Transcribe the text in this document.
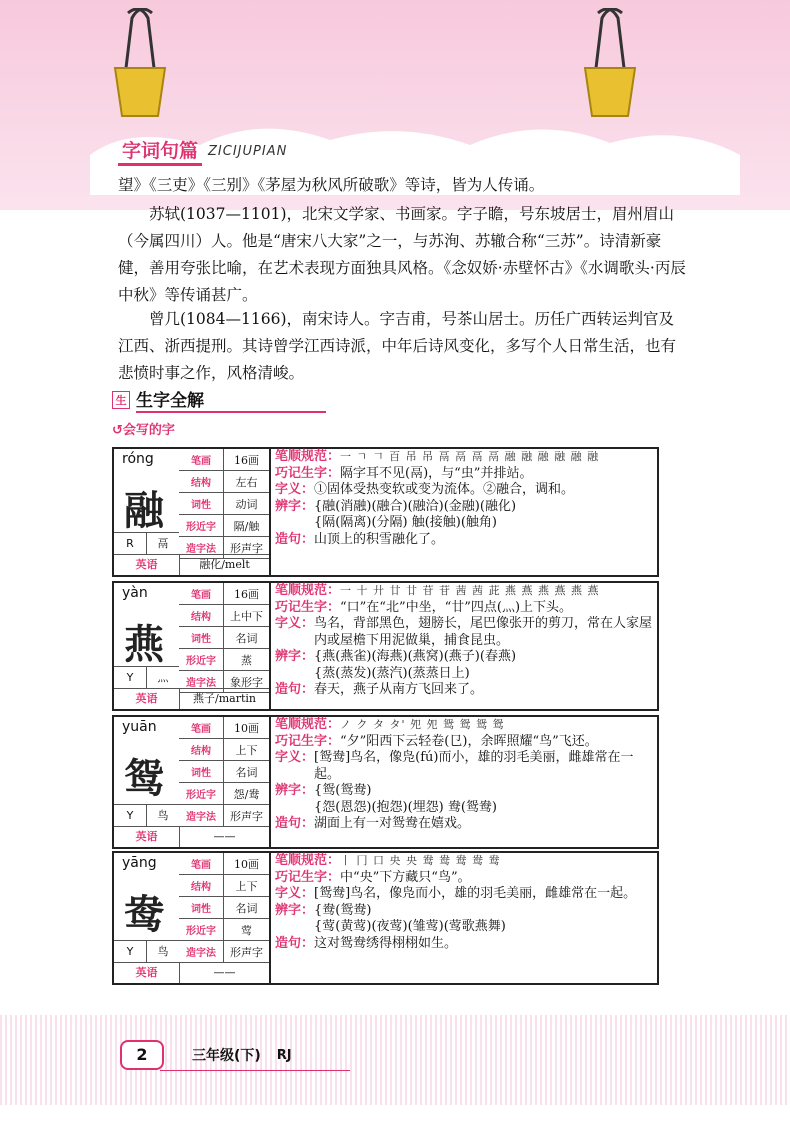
字词句篇 ZICIJUPIAN

望》《三吏》《三别》《茅屋为秋风所破歌》等诗，皆为人传诵。

苏轼(1037—1101)，北宋文学家、书画家。字子瞻，号东坡居士，眉州眉山（今属四川）人。他是“唐宋八大家”之一，与苏洵、苏辙合称“三苏”。诗清新豪健，善用夸张比喻，在艺术表现方面独具风格。《念奴娇·赤壁怀古》《水调歌头·丙辰中秋》等传诵甚广。

曾几(1084—1166)，南宋诗人。字吉甫，号茶山居士。历任广西转运判官及江西、浙西提刑。其诗曾学江西诗派，中年后诗风变化，多写个人日常生活，也有悲愤时事之作，风格清峻。

生 生字全解
↺会写的字
róng
融
笔画	16画
结构	左右
词性	动词
形近字	隔/触
造字法	形声字
R	鬲
英语	融化/melt
笔顺规范： 一 ㄱ 𠃍 百 吊 吊 鬲 鬲 鬲 鬲 融 融 融 融 融 融
巧记生字： 隔字耳不见(鬲)，与“虫”并排站。
字义： ①固体受热变软或变为流体。②融合，调和。
辨字： {融(消融)(融合)(融洽)(金融)(融化)
{隔(隔离)(分隔) 触(接触)(触角)
造句： 山顶上的积雪融化了。
yàn
燕
笔画	16画
结构	上中下
词性	名词
形近字	蒸
造字法	象形字
Y	灬
英语	燕子/martin
笔顺规范： 一 十 廾 廿 廿 苷 苷 茜 茜 茈 燕 燕 燕 燕 燕 燕
巧记生字： “口”在“北”中坐，“廿”四点(灬)上下头。
字义： 鸟名，背部黑色，翅膀长，尾巴像张开的剪刀，常在人家屋内或屋檐下用泥做巢，捕食昆虫。
辨字： {燕(燕雀)(海燕)(燕窝)(燕子)(春燕)
{蒸(蒸发)(蒸汽)(蒸蒸日上)
造句： 春天，燕子从南方飞回来了。
yuān
鸳
笔画	10画
结构	上下
词性	名词
形近字	怨/鸯
造字法	形声字
Y	鸟
英语	——
笔顺规范： ノ ク タ タ' 夗 夗 鸳 鸳 鸳 鸳
巧记生字： “夕”阳西下云轻卷(㔾)，余晖照耀“鸟”飞还。
字义： [鸳鸯]鸟名，像凫(fú)而小，雄的羽毛美丽，雌雄常在一起。
辨字： {鸳(鸳鸯)
{怨(恩怨)(抱怨)(埋怨) 鸯(鸳鸯)
造句： 湖面上有一对鸳鸯在嬉戏。
yāng
鸯
笔画	10画
结构	上下
词性	名词
形近字	莺
造字法	形声字
Y	鸟
英语	——
笔顺规范： 丨 冂 口 央 央 鸯 鸯 鸯 鸯 鸯
巧记生字： 中“央”下方藏只“鸟”。
字义： [鸳鸯]鸟名，像凫而小，雄的羽毛美丽，雌雄常在一起。
辨字： {鸯(鸳鸯)
{莺(黄莺)(夜莺)(雏莺)(莺歌燕舞)
造句： 这对鸳鸯绣得栩栩如生。
2	三年级(下) RJ
